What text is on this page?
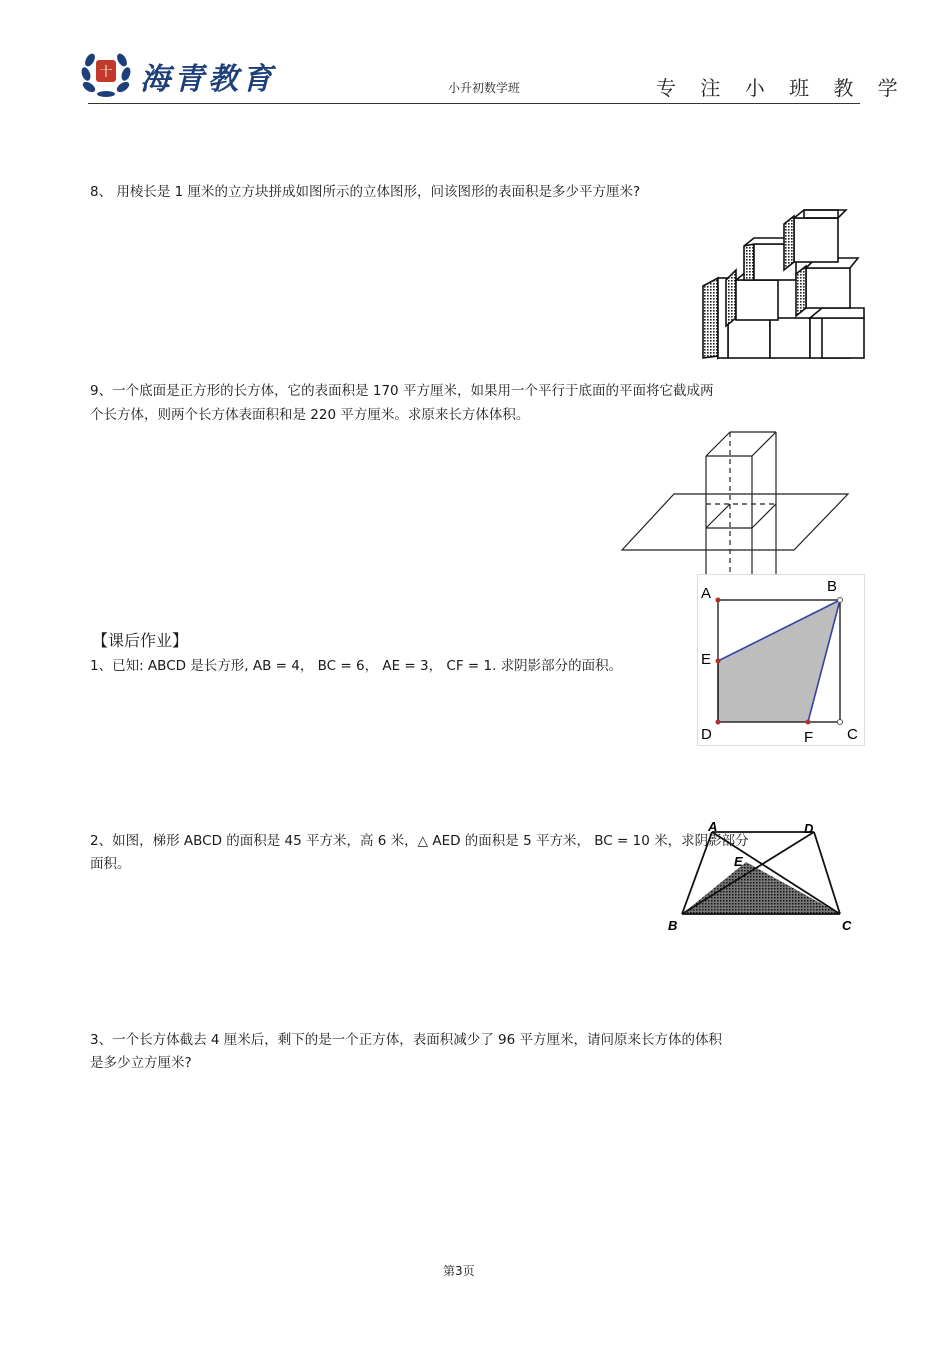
十 海青教育	小升初数学班	专 注 小 班 教 学
8、 用棱长是 1 厘米的立方块拼成如图所示的立体图形，问该图形的表面积是多少平方厘米?
9、一个底面是正方形的长方体，它的表面积是 170 平方厘米，如果用一个平行于底面的平面将它截成两
个长方体，则两个长方体表面积和是 220 平方厘米。求原来长方体体积。
【课后作业】
1、已知: ABCD 是长方形, AB = 4， BC = 6， AE = 3， CF = 1. 求阴影部分的面积。
A	B
E
D	F C
2、如图，梯形 ABCD 的面积是 45 平方米，高 6 米，△ AED 的面积是 5 平方米， BC = 10 米，求阴影部分
面积。
A	D
E
B	C
3、一个长方体截去 4 厘米后，剩下的是一个正方体，表面积减少了 96 平方厘米，请问原来长方体的体积
是多少立方厘米?
第3页
